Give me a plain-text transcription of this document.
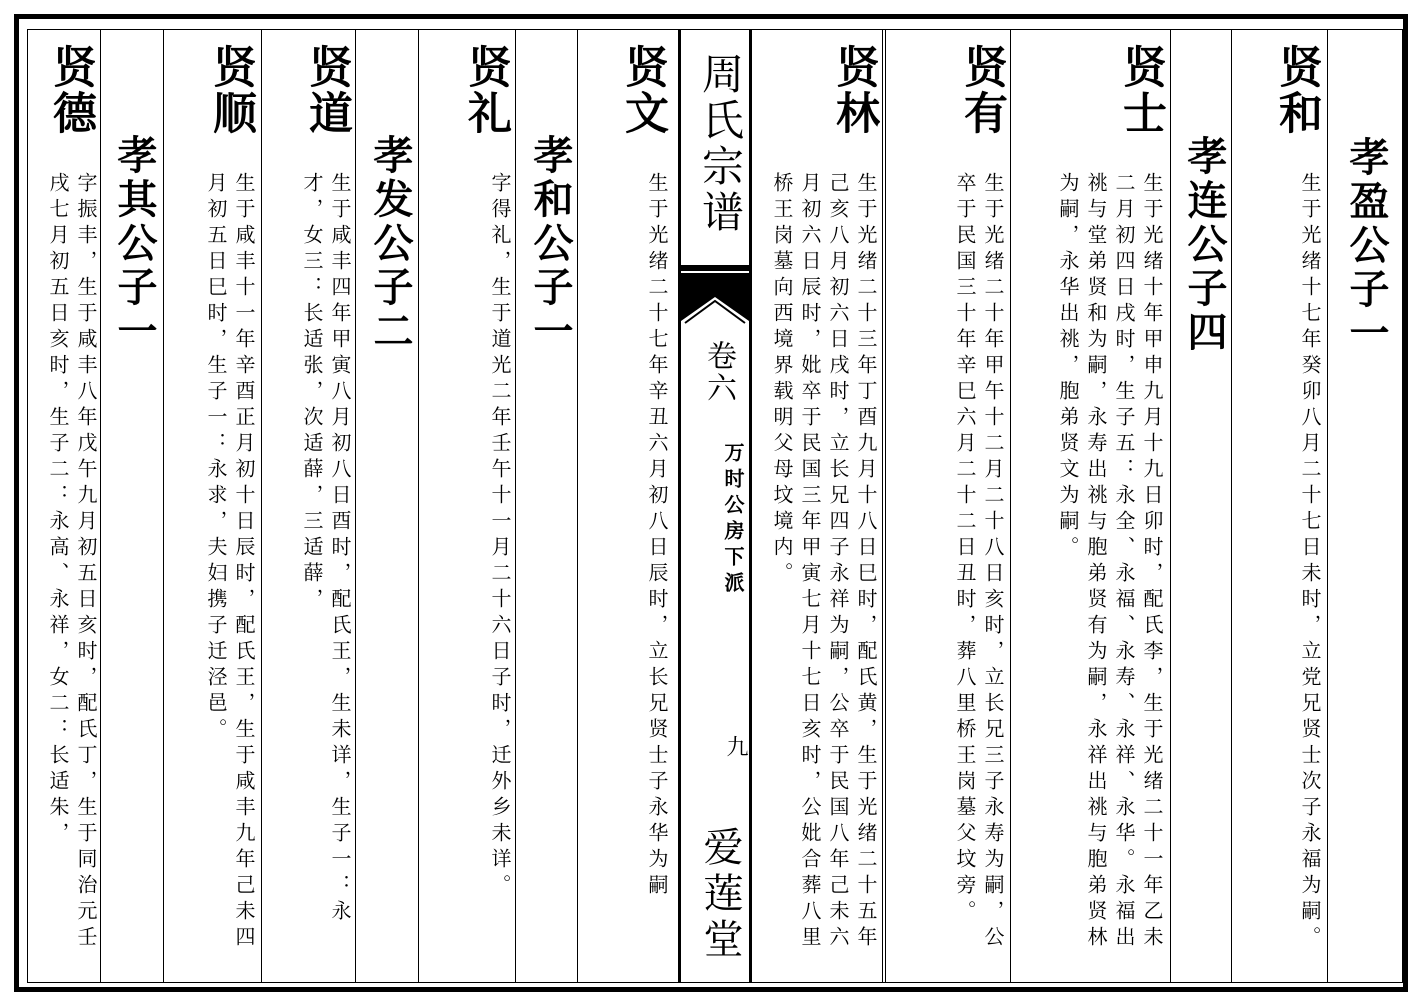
孝盈公子一
贤和
生于光绪十七年癸卯八月二十七日未时，立党兄贤士次子永福为嗣。
孝连公子四
贤士
生于光绪十年甲申九月十九日卯时，配氏李，生于光绪二十一年乙未二月初四日戌时，生子五：永全、永福、永寿、永祥、永华。永福出祧与堂弟贤和为嗣，永寿出祧与胞弟贤有为嗣，永祥出祧与胞弟贤林为嗣，永华出祧，胞弟贤文为嗣。
贤有
生于光绪二十年甲午十二月二十八日亥时，立长兄三子永寿为嗣，公卒于民国三十年辛巳六月二十二日丑时，葬八里桥王岗墓父坟旁。
贤林
生于光绪二十三年丁酉九月十八日巳时，配氏黄，生于光绪二十五年己亥八月初六日戌时，立长兄四子永祥为嗣，公卒于民国八年己未六月初六日辰时，妣卒于民国三年甲寅七月十七日亥时，公妣合葬八里桥王岗墓向西境界载明父母坟境内。
周氏宗谱
卷六
万时公房下派
九
爱莲堂
贤文
生于光绪二十七年辛丑六月初八日辰时，立长兄贤士子永华为嗣
孝和公子一
贤礼
字得礼，生于道光二年壬午十一月二十六日子时，迁外乡未详。
孝发公子二
贤道
生于咸丰四年甲寅八月初八日酉时，配氏王，生未详，生子一：永才，女三：长适张，次适薛，三适薛，
贤顺
生于咸丰十一年辛酉正月初十日辰时，配氏王，生于咸丰九年己未四月初五日巳时，生子一：永求，夫妇携子迁泾邑。
孝其公子一
贤德
字振丰，生于咸丰八年戊午九月初五日亥时，配氏丁，生于同治元壬戌七月初五日亥时，生子二：永高、永祥，女二：长适朱，
